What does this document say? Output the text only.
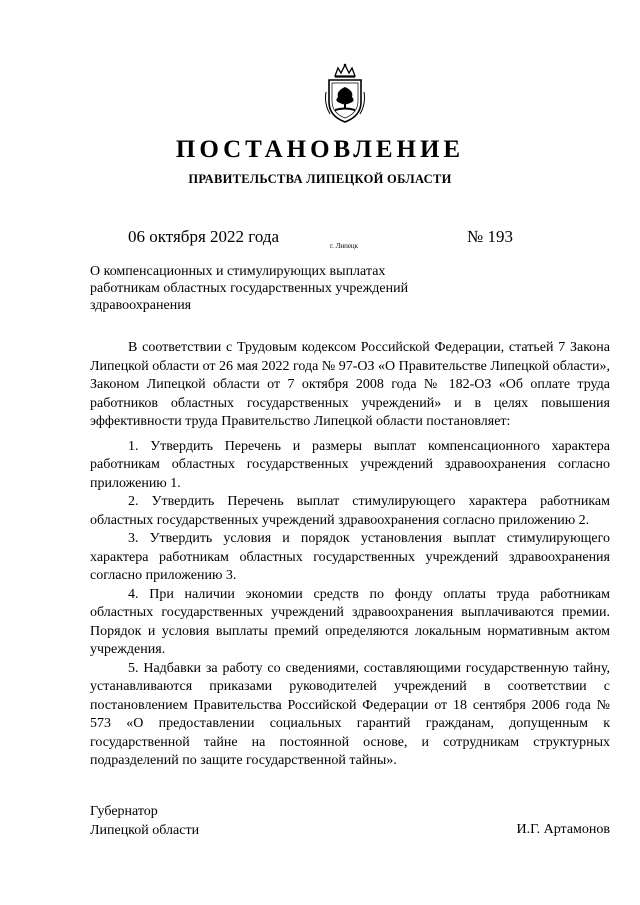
ПОСТАНОВЛЕНИЕ
ПРАВИТЕЛЬСТВА ЛИПЕЦКОЙ ОБЛАСТИ
06 октября 2022 года	г. Липецк	№ 193
О компенсационных и стимулирующих выплатах
работникам областных государственных учреждений
здравоохранения

В соответствии с Трудовым кодексом Российской Федерации, статьей 7 Закона Липецкой области от 26 мая 2022 года № 97-ОЗ «О Правительстве Липецкой области», Законом Липецкой области от 7 октября 2008 года № 182-ОЗ «Об оплате труда работников областных государственных учреждений» и в целях повышения эффективности труда Правительство Липецкой области постановляет:

1. Утвердить Перечень и размеры выплат компенсационного характера работникам областных государственных учреждений здравоохранения согласно приложению 1.

2. Утвердить Перечень выплат стимулирующего характера работникам областных государственных учреждений здравоохранения согласно приложению 2.

3. Утвердить условия и порядок установления выплат стимулирующего характера работникам областных государственных учреждений здравоохранения согласно приложению 3.

4. При наличии экономии средств по фонду оплаты труда работникам областных государственных учреждений здравоохранения выплачиваются премии. Порядок и условия выплаты премий определяются локальным нормативным актом учреждения.

5. Надбавки за работу со сведениями, составляющими государственную тайну, устанавливаются приказами руководителей учреждений в соответствии с постановлением Правительства Российской Федерации от 18 сентября 2006 года № 573 «О предоставлении социальных гарантий гражданам, допущенным к государственной тайне на постоянной основе, и сотрудникам структурных подразделений по защите государственной тайны».

Губернатор
Липецкой области	И.Г. Артамонов
